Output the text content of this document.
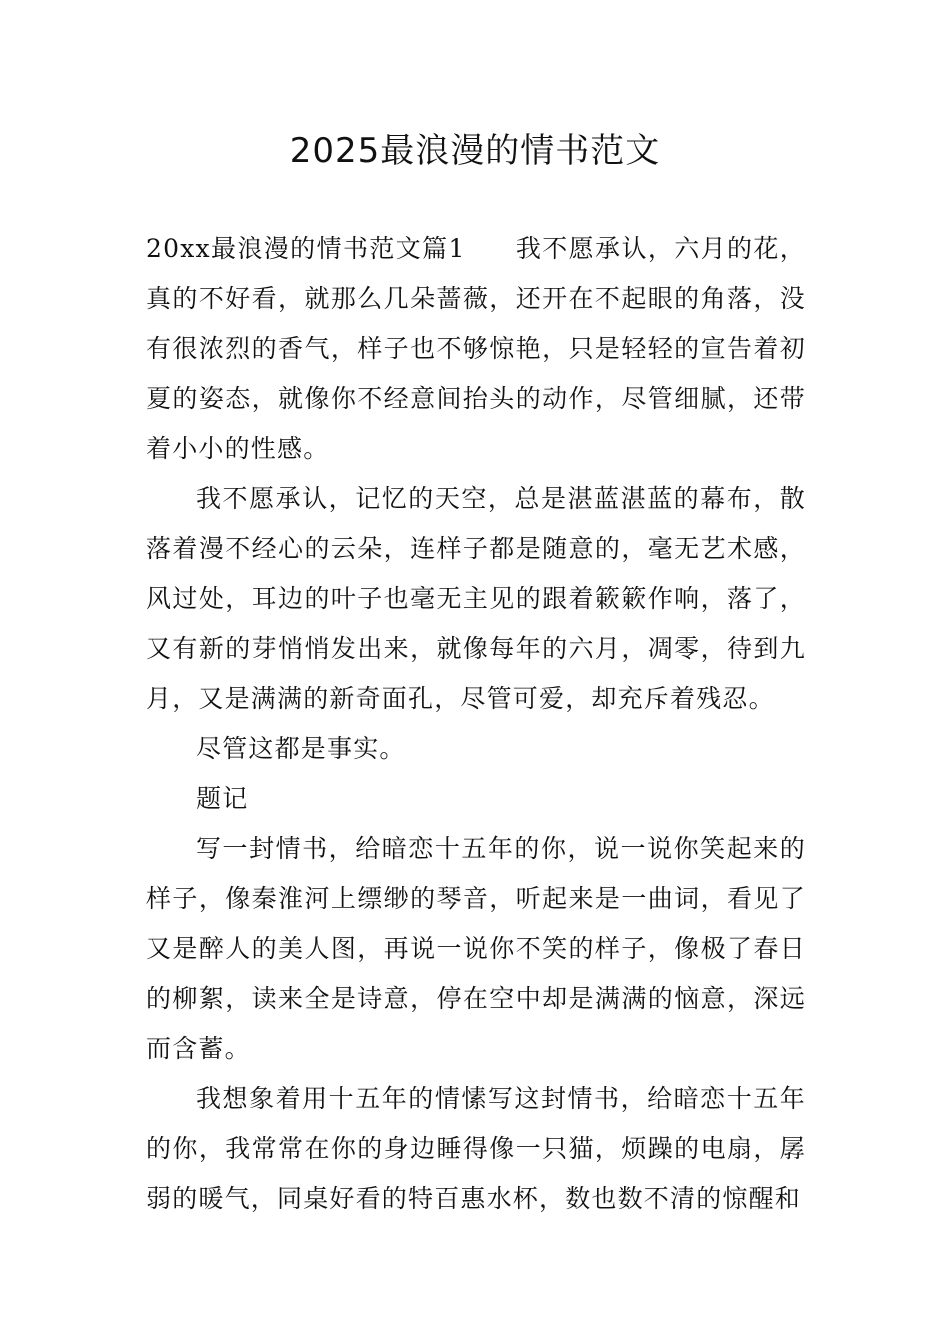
2025最浪漫的情书范文

20xx最浪漫的情书范文篇1 我不愿承认，六月的花，真的不好看，就那么几朵蔷薇，还开在不起眼的角落，没有很浓烈的香气，样子也不够惊艳，只是轻轻的宣告着初夏的姿态，就像你不经意间抬头的动作，尽管细腻，还带着小小的性感。

我不愿承认，记忆的天空，总是湛蓝湛蓝的幕布，散落着漫不经心的云朵，连样子都是随意的，毫无艺术感，风过处，耳边的叶子也毫无主见的跟着簌簌作响，落了，又有新的芽悄悄发出来，就像每年的六月，凋零，待到九月，又是满满的新奇面孔，尽管可爱，却充斥着残忍。

尽管这都是事实。

题记

写一封情书，给暗恋十五年的你，说一说你笑起来的样子，像秦淮河上缥缈的琴音，听起来是一曲词，看见了又是醉人的美人图，再说一说你不笑的样子，像极了春日的柳絮，读来全是诗意，停在空中却是满满的恼意，深远而含蓄。

我想象着用十五年的情愫写这封情书，给暗恋十五年的你，我常常在你的身边睡得像一只猫，烦躁的电扇，孱弱的暖气，同桌好看的特百惠水杯，数也数不清的惊醒和
